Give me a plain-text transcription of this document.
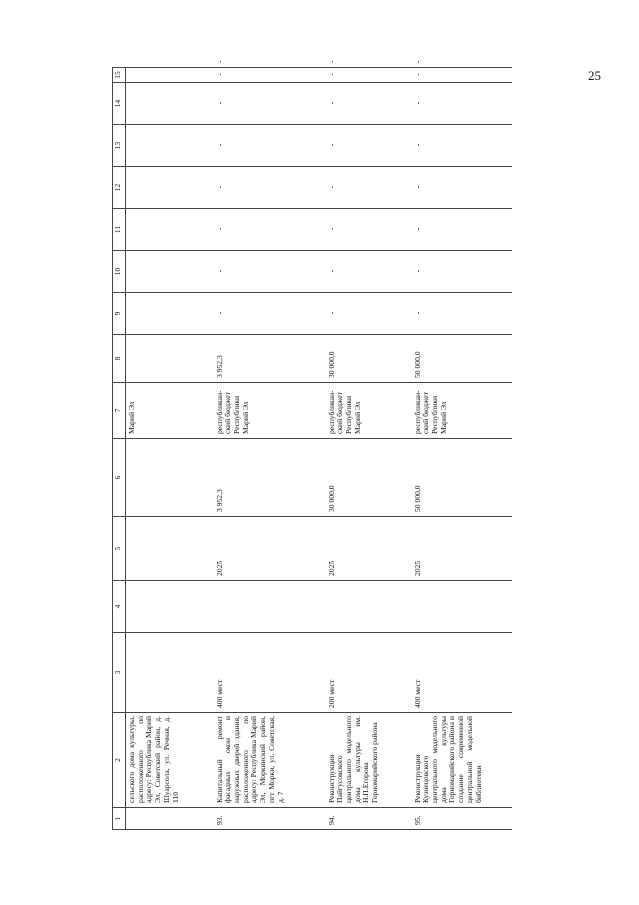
25
1	2	3	4	5	6	7	8	9	10	11	12	13	14	15	
	сельского дома культуры, расположенного по адресу: Республика Марий Эл, Советский район, д. Шуарсола, ул. Речная, д. 110					Марий Эл									
93.	Капитальный ремонт фасадных окон и наружных дверей здания, расположенного по адресу: Республика Марий Эл, Моркинский район, пгт Морки, ул. Советская, д. 7	400 мест		2025	3 952,3	республикан-ский бюджет Республики Марий Эл	3 952,3	-	-	-	-	-	-	-	-
94.	Реконструкция Пайгусовского центрального модельного дома культуры им. Н.П.Егорова Горномарийского района	200 мест		2025	30 000,0	республикан-ский бюджет Республики Марий Эл	30 000,0	-	-	-	-	-	-	-	-
95.	Реконструкция Кузнецовского центрального модельного дома культуры Горномарийского района и создание современной центральной модельной библиотеки	400 мест		2025	50 000,0	республикан-ский бюджет Республики Марий Эл	50 000,0	-	-	-	-	-	-	-	-
